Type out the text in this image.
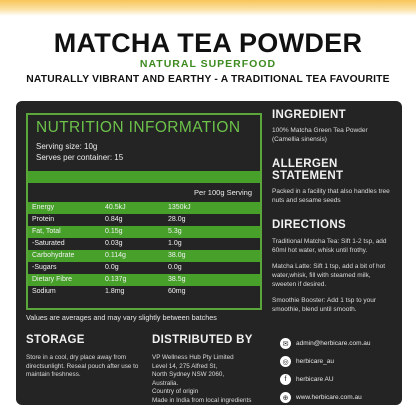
MATCHA TEA POWDER
NATURAL SUPERFOOD
NATURALLY VIBRANT AND EARTHY - A TRADITIONAL TEA FAVOURITE
NUTRITION INFORMATION
Serving size: 10g
Serves per container: 15
Per 100g Serving
Energy	40.5kJ	1350kJ
Protein	0.84g	28.0g
Fat, Total	0.15g	5.3g
-Saturated	0.03g	1.0g
Carbohydrate	0.114g	38.0g
-Sugars	0.0g	0.0g
Dietary Fibre	0.137g	38.5g
Sodium	1.8mg	60mg
Values are averages and may vary slightly between batches
INGREDIENT
100% Matcha Green Tea Powder (Camellia sinensis)
ALLERGEN STATEMENT
Packed in a facility that also handles tree nuts and sesame seeds
DIRECTIONS
Traditional Matcha Tea: Sift 1-2 tsp, add 60ml hot water, whisk until frothy.
Matcha Latte: Sift 1 tsp, add a bit of hot water,whisk, fill with steamed milk, sweeten if desired.
Smoothie Booster: Add 1 tsp to your smoothie, blend until smooth.
STORAGE
Store in a cool, dry place away from directsunlight. Reseal pouch after use to maintain freshness.
DISTRIBUTED BY
VP Wellness Hub Pty Limited
Level 14, 275 Alfred St,
North Sydney NSW 2060,
Australia.
Country of origin
Made in India from local ingredients
✉	admin@herbicare.com.au
◎	herbicare_au
f	herbicare AU
⊕	www.herbicare.com.au
